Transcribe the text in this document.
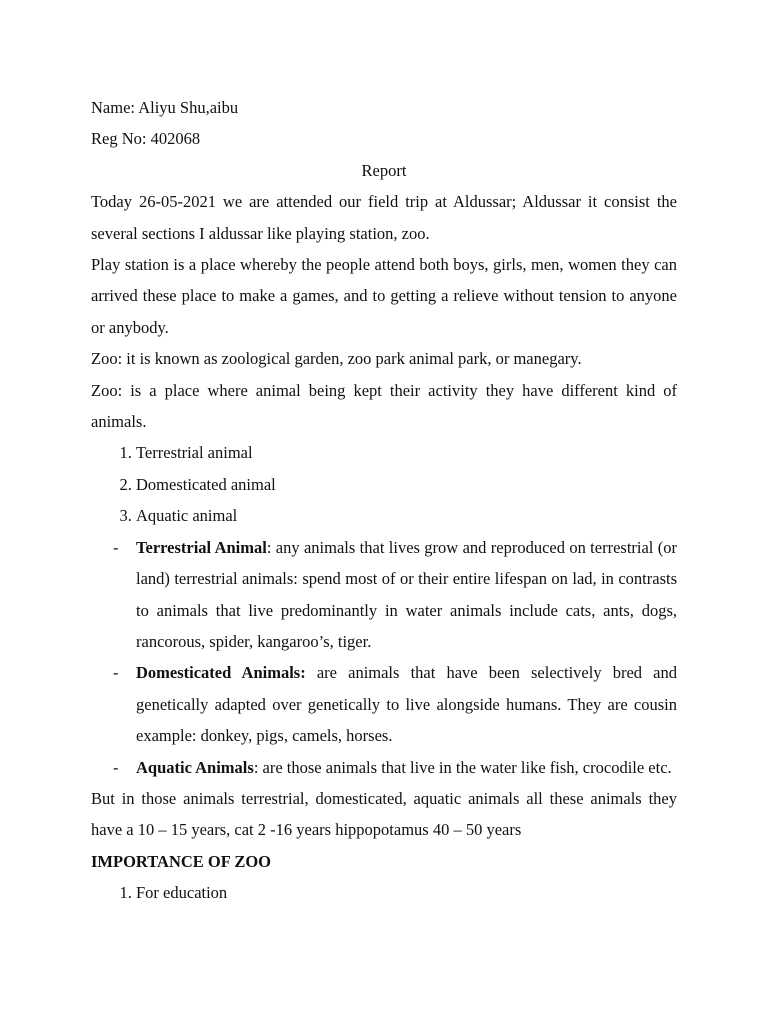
Name: Aliyu Shu,aibu

Reg No: 402068

Report

Today 26-05-2021 we are attended our field trip at Aldussar; Aldussar it consist the several sections I aldussar like playing station, zoo.

Play station is a place whereby the people attend both boys, girls, men, women they can arrived these place to make a games, and to getting a relieve without tension to anyone or anybody.

Zoo: it is known as zoological garden, zoo park animal park, or manegary.

Zoo: is a place where animal being kept their activity they have different kind of animals.

1. Terrestrial animal
2. Domesticated animal
3. Aquatic animal
- Terrestrial Animal: any animals that lives grow and reproduced on terrestrial (or land) terrestrial animals: spend most of or their entire lifespan on lad, in contrasts to animals that live predominantly in water animals include cats, ants, dogs, rancorous, spider, kangaroo’s, tiger.
- Domesticated Animals: are animals that have been selectively bred and genetically adapted over genetically to live alongside humans. They are cousin example: donkey, pigs, camels, horses.
- Aquatic Animals: are those animals that live in the water like fish, crocodile etc.

But in those animals terrestrial, domesticated, aquatic animals all these animals they have a 10 – 15 years, cat 2 -16 years hippopotamus 40 – 50 years

IMPORTANCE OF ZOO

1. For education
